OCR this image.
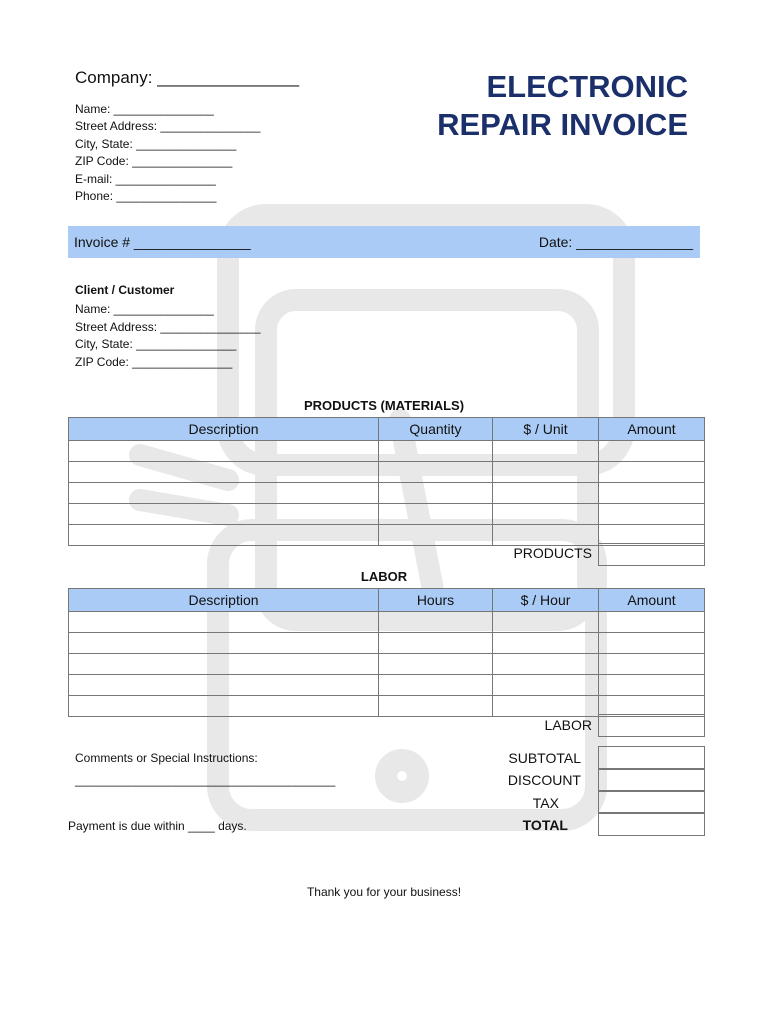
Company: _______________
Name: _______________
Street Address: _______________
City, State: _______________
ZIP Code: _______________
E-mail: _______________
Phone: _______________
ELECTRONIC
REPAIR INVOICE
Invoice # _______________	Date: _______________
Client / Customer
Name: _______________
Street Address: _______________
City, State: _______________
ZIP Code: _______________
PRODUCTS (MATERIALS)
Description	Quantity	$ / Unit	Amount

PRODUCTS
LABOR
Description	Hours	$ / Hour	Amount

LABOR
SUBTOTAL
DISCOUNT
TAX
TOTAL
Comments or Special Instructions:
_______________________________________
Payment is due within ____ days.
Thank you for your business!
